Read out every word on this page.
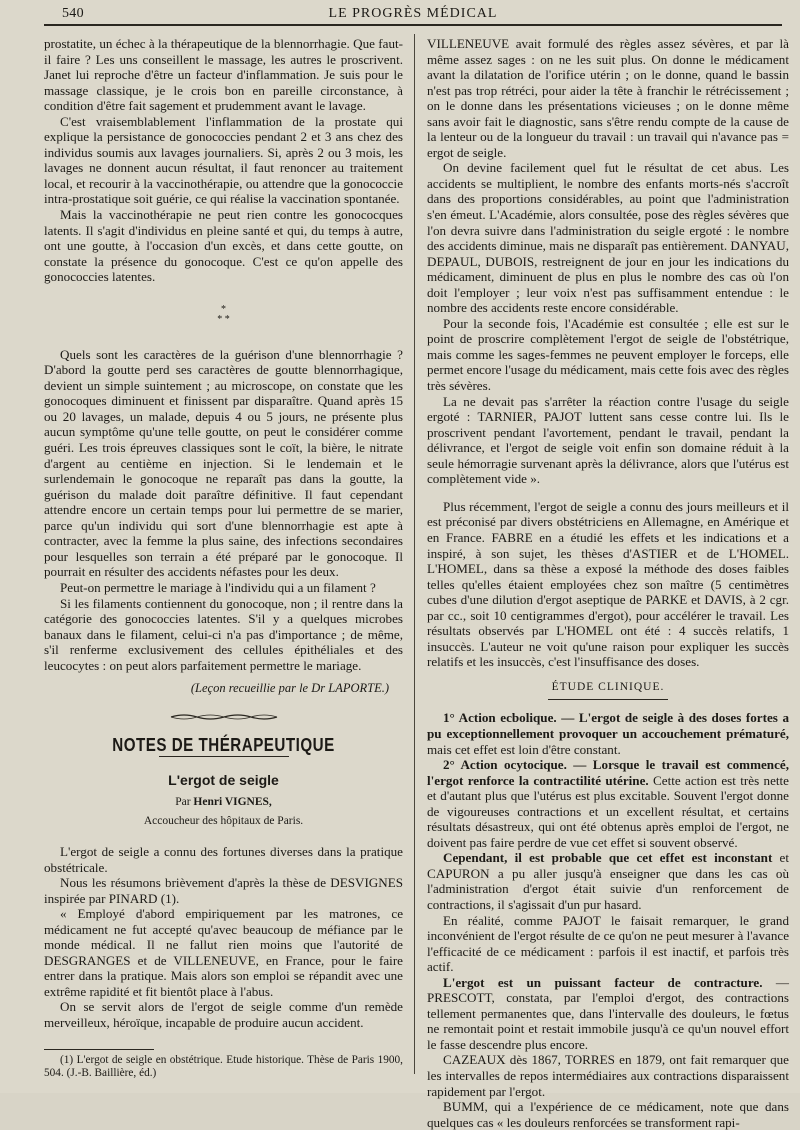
540	LE PROGRÈS MÉDICAL

prostatite, un échec à la thérapeutique de la blennorrhagie. Que faut-il faire ? Les uns conseillent le massage, les autres le proscrivent. Janet lui reproche d'être un facteur d'inflammation. Je suis pour le massage classique, je le crois bon en pareille circonstance, à condition d'être fait sagement et prudemment avant le lavage.

C'est vraisemblablement l'inflammation de la prostate qui explique la persistance de gonococcies pendant 2 et 3 ans chez des individus soumis aux lavages journaliers. Si, après 2 ou 3 mois, les lavages ne donnent aucun résultat, il faut renoncer au traitement local, et recourir à la vaccinothérapie, ou attendre que la gonococcie intra-prostatique soit guérie, ce qui réalise la vaccination spontanée.

Mais la vaccinothérapie ne peut rien contre les gonococques latents. Il s'agit d'individus en pleine santé et qui, du temps à autre, ont une goutte, à l'occasion d'un excès, et dans cette goutte, on constate la présence du gonocoque. C'est ce qu'on appelle des gonococcies latentes.

*
* *

Quels sont les caractères de la guérison d'une blennorrhagie ? D'abord la goutte perd ses caractères de goutte blennorrhagique, devient un simple suintement ; au microscope, on constate que les gonocoques diminuent et finissent par disparaître. Quand après 15 ou 20 lavages, un malade, depuis 4 ou 5 jours, ne présente plus aucun symptôme qu'une telle goutte, on peut le considérer comme guéri. Les trois épreuves classiques sont le coït, la bière, le nitrate d'argent au centième en injection. Si le lendemain et le surlendemain le gonocoque ne reparaît pas dans la goutte, la guérison du malade doit paraître définitive. Il faut cependant attendre encore un certain temps pour lui permettre de se marier, parce qu'un individu qui sort d'une blennorrhagie est apte à contracter, avec la femme la plus saine, des infections secondaires pour lesquelles son terrain a été préparé par le gonocoque. Il pourrait en résulter des accidents néfastes pour les deux.

Peut-on permettre le mariage à l'individu qui a un filament ?

Si les filaments contiennent du gonocoque, non ; il rentre dans la catégorie des gonococcies latentes. S'il y a quelques microbes banaux dans le filament, celui-ci n'a pas d'importance ; de même, s'il renferme exclusivement des cellules épithéliales et des leucocytes : on peut alors parfaitement permettre le mariage.

(Leçon recueillie par le Dr LAPORTE.)
NOTES DE THÉRAPEUTIQUE
L'ergot de seigle
Par Henri VIGNES,
Accoucheur des hôpitaux de Paris.

L'ergot de seigle a connu des fortunes diverses dans la pratique obstétricale.

Nous les résumons brièvement d'après la thèse de DESVIGNES inspirée par PINARD (1).

« Employé d'abord empiriquement par les matrones, ce médicament ne fut accepté qu'avec beaucoup de méfiance par le monde médical. Il ne fallut rien moins que l'autorité de DESGRANGES et de VILLENEUVE, en France, pour le faire entrer dans la pratique. Mais alors son emploi se répandit avec une extrême rapidité et fit bientôt place à l'abus.

On se servit alors de l'ergot de seigle comme d'un remède merveilleux, héroïque, incapable de produire aucun accident.

(1) L'ergot de seigle en obstétrique. Etude historique. Thèse de Paris 1900, 504. (J.-B. Baillière, éd.)

VILLENEUVE avait formulé des règles assez sévères, et par là même assez sages : on ne les suit plus. On donne le médicament avant la dilatation de l'orifice utérin ; on le donne, quand le bassin n'est pas trop rétréci, pour aider la tête à franchir le rétrécissement ; on le donne dans les présentations vicieuses ; on le donne même sans avoir fait le diagnostic, sans s'être rendu compte de la cause de la lenteur ou de la longueur du travail : un travail qui n'avance pas = ergot de seigle.

On devine facilement quel fut le résultat de cet abus. Les accidents se multiplient, le nombre des enfants morts-nés s'accroît dans des proportions considérables, au point que l'administration s'en émeut. L'Académie, alors consultée, pose des règles sévères que l'on devra suivre dans l'administration du seigle ergoté : le nombre des accidents diminue, mais ne disparaît pas entièrement. DANYAU, DEPAUL, DUBOIS, restreignent de jour en jour les indications du médicament, diminuent de plus en plus le nombre des cas où l'on doit l'employer ; leur voix n'est pas suffisamment entendue : le nombre des accidents reste encore considérable.

Pour la seconde fois, l'Académie est consultée ; elle est sur le point de proscrire complètement l'ergot de seigle de l'obstétrique, mais comme les sages-femmes ne peuvent employer le forceps, elle permet encore l'usage du médicament, mais cette fois avec des règles très sévères.

La ne devait pas s'arrêter la réaction contre l'usage du seigle ergoté : TARNIER, PAJOT luttent sans cesse contre lui. Ils le proscrivent pendant l'avortement, pendant le travail, pendant la délivrance, et l'ergot de seigle voit enfin son domaine réduit à la seule hémorragie survenant après la délivrance, alors que l'utérus est complètement vide ».

Plus récemment, l'ergot de seigle a connu des jours meilleurs et il est préconisé par divers obstétriciens en Allemagne, en Amérique et en France. FABRE en a étudié les effets et les indications et a inspiré, à son sujet, les thèses d'ASTIER et de L'HOMEL. L'HOMEL, dans sa thèse a exposé la méthode des doses faibles telles qu'elles étaient employées chez son maître (5 centimètres cubes d'une dilution d'ergot aseptique de PARKE et DAVIS, à 2 cgr. par cc., soit 10 centigrammes d'ergot), pour accélérer le travail. Les résultats observés par L'HOMEL ont été : 4 succès relatifs, 1 insuccès. L'auteur ne voit qu'une raison pour expliquer les succès relatifs et les insuccès, c'est l'insuffisance des doses.

ÉTUDE CLINIQUE.

1° Action ecbolique. — L'ergot de seigle à des doses fortes a pu exceptionnellement provoquer un accouchement prématuré, mais cet effet est loin d'être constant.

2° Action ocytocique. — Lorsque le travail est commencé, l'ergot renforce la contractilité utérine. Cette action est très nette et d'autant plus que l'utérus est plus excitable. Souvent l'ergot donne de vigoureuses contractions et un excellent résultat, et certains résultats désastreux, qui ont été obtenus après emploi de l'ergot, ne doivent pas faire perdre de vue cet effet si souvent observé.

Cependant, il est probable que cet effet est inconstant et CAPURON a pu aller jusqu'à enseigner que dans les cas où l'administration d'ergot était suivie d'un renforcement de contractions, il s'agissait d'un pur hasard.

En réalité, comme PAJOT le faisait remarquer, le grand inconvénient de l'ergot résulte de ce qu'on ne peut mesurer à l'avance l'efficacité de ce médicament : parfois il est inactif, et parfois très actif.

L'ergot est un puissant facteur de contracture. — PRESCOTT, constata, par l'emploi d'ergot, des contractions tellement permanentes que, dans l'intervalle des douleurs, le fœtus ne remontait point et restait immobile jusqu'à ce qu'un nouvel effort le fasse descendre plus encore.

CAZEAUX dès 1867, TORRES en 1879, ont fait remarquer que les intervalles de repos intermédiaires aux contractions disparaissent rapidement par l'ergot.

BUMM, qui a l'expérience de ce médicament, note que dans quelques cas « les douleurs renforcées se transforment rapi-
